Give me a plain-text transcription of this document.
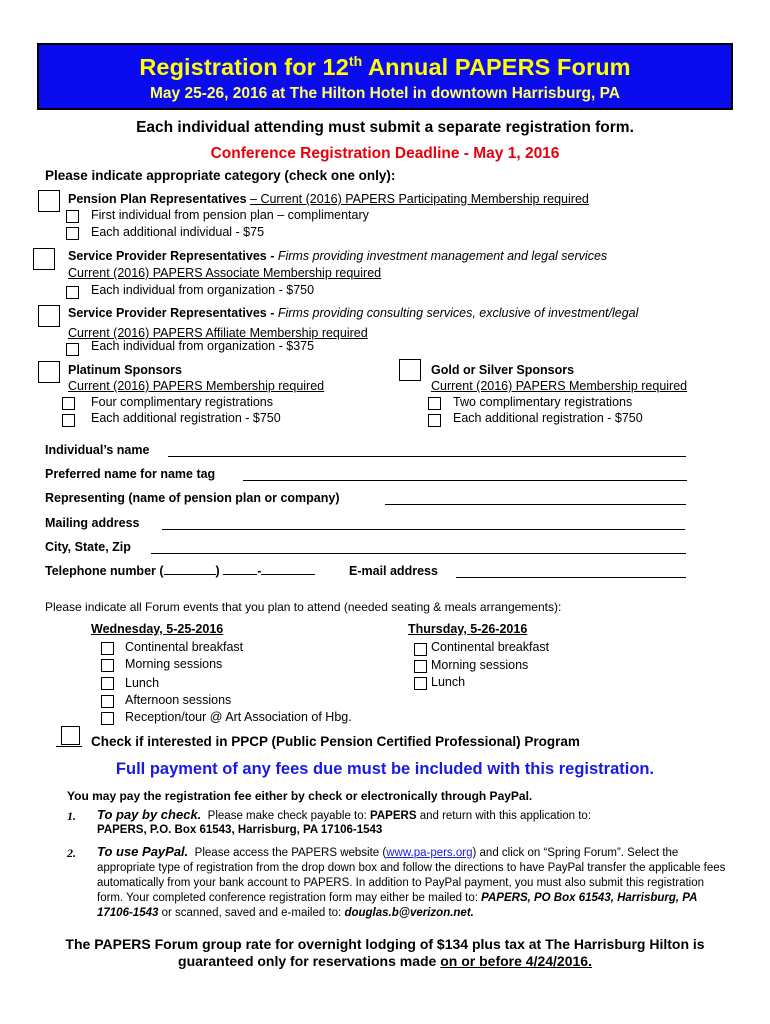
Registration for 12th Annual PAPERS Forum
May 25-26, 2016 at The Hilton Hotel in downtown Harrisburg, PA
Each individual attending must submit a separate registration form.
Conference Registration Deadline - May 1, 2016
Please indicate appropriate category (check one only):
Pension Plan Representatives – Current (2016) PAPERS Participating Membership required
First individual from pension plan – complimentary
Each additional individual - $75
Service Provider Representatives - Firms providing investment management and legal services
Current (2016) PAPERS Associate Membership required
Each individual from organization - $750
Service Provider Representatives - Firms providing consulting services, exclusive of investment/legal
Current (2016) PAPERS Affiliate Membership required
Each individual from organization - $375
Platinum Sponsors
Current (2016) PAPERS Membership required
Four complimentary registrations
Each additional registration - $750
Gold or Silver Sponsors
Current (2016) PAPERS Membership required
Two complimentary registrations
Each additional registration - $750
Individual’s name
Preferred name for name tag
Representing (name of pension plan or company)
Mailing address
City, State, Zip
Telephone number (	)	-	E-mail address
Please indicate all Forum events that you plan to attend (needed seating & meals arrangements):
Wednesday, 5-25-2016
Continental breakfast
Morning sessions
Lunch
Afternoon sessions
Reception/tour @ Art Association of Hbg.
Thursday, 5-26-2016
Continental breakfast
Morning sessions
Lunch
Check if interested in PPCP (Public Pension Certified Professional) Program
Full payment of any fees due must be included with this registration.
You may pay the registration fee either by check or electronically through PayPal.
1. To pay by check. Please make check payable to: PAPERS and return with this application to:
PAPERS, P.O. Box 61543, Harrisburg, PA 17106-1543
2. To use PayPal. Please access the PAPERS website (www.pa-pers.org) and click on “Spring Forum”. Select the appropriate type of registration from the drop down box and follow the directions to have PayPal transfer the applicable fees automatically from your bank account to PAPERS. In addition to PayPal payment, you must also submit this registration form. Your completed conference registration form may either be mailed to: PAPERS, PO Box 61543, Harrisburg, PA 17106-1543 or scanned, saved and e-mailed to: douglas.b@verizon.net.
The PAPERS Forum group rate for overnight lodging of $134 plus tax at The Harrisburg Hilton is guaranteed only for reservations made on or before 4/24/2016.
